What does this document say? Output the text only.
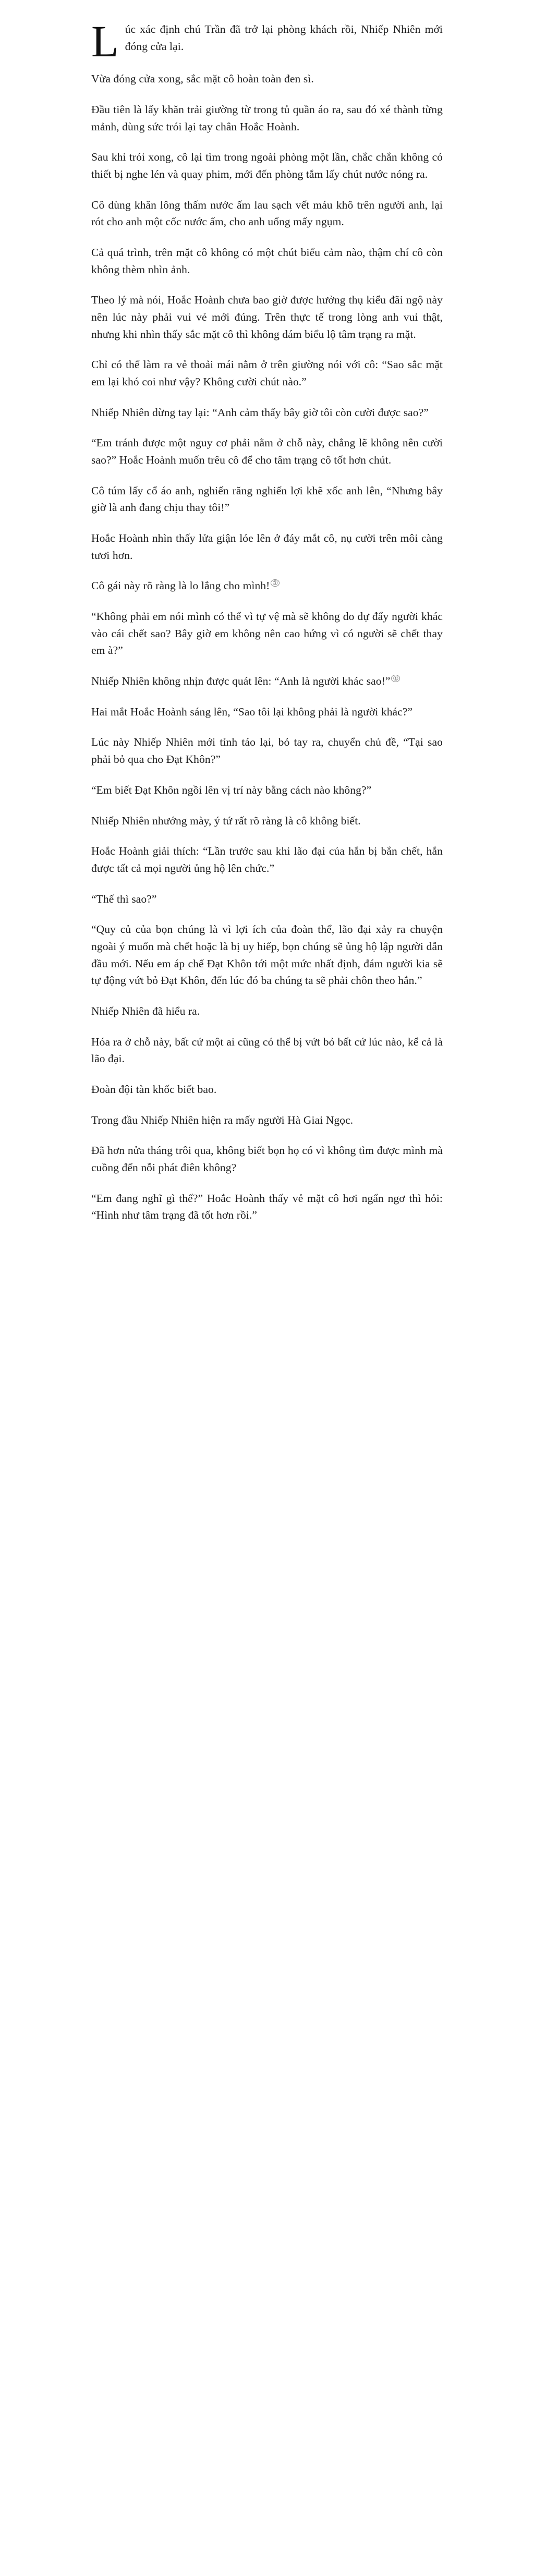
Lúc xác định chú Trần đã trở lại phòng khách rồi, Nhiếp Nhiên mới đóng cửa lại.

Vừa đóng cửa xong, sắc mặt cô hoàn toàn đen sì.

Đầu tiên là lấy khăn trải giường từ trong tủ quần áo ra, sau đó xé thành từng mảnh, dùng sức trói lại tay chân Hoắc Hoành.

Sau khi trói xong, cô lại tìm trong ngoài phòng một lần, chắc chắn không có thiết bị nghe lén và quay phim, mới đến phòng tắm lấy chút nước nóng ra.

Cô dùng khăn lông thấm nước ấm lau sạch vết máu khô trên người anh, lại rót cho anh một cốc nước ấm, cho anh uống mấy ngụm.

Cả quá trình, trên mặt cô không có một chút biểu cảm nào, thậm chí cô còn không thèm nhìn ảnh.

Theo lý mà nói, Hoắc Hoành chưa bao giờ được hưởng thụ kiểu đãi ngộ này nên lúc này phải vui vẻ mới đúng. Trên thực tế trong lòng anh vui thật, nhưng khi nhìn thấy sắc mặt cô thì không dám biểu lộ tâm trạng ra mặt.

Chỉ có thể làm ra vẻ thoải mái nằm ở trên giường nói với cô: “Sao sắc mặt em lại khó coi như vậy? Không cười chút nào.”

Nhiếp Nhiên dừng tay lại: “Anh cảm thấy bây giờ tôi còn cười được sao?”

“Em tránh được một nguy cơ phải nằm ở chỗ này, chẳng lẽ không nên cười sao?” Hoắc Hoành muốn trêu cô để cho tâm trạng cô tốt hơn chút.

Cô túm lấy cổ áo anh, nghiến răng nghiến lợi khẽ xốc anh lên, “Nhưng bây giờ là anh đang chịu thay tôi!”

Hoắc Hoành nhìn thấy lửa giận lóe lên ở đáy mắt cô, nụ cười trên môi càng tươi hơn.

Cô gái này rõ ràng là lo lắng cho mình! ①

“Không phải em nói mình có thể vì tự vệ mà sẽ không do dự đẩy người khác vào cái chết sao? Bây giờ em không nên cao hứng vì có người sẽ chết thay em à?”

Nhiếp Nhiên không nhịn được quát lên: “Anh là người khác sao!” ①

Hai mắt Hoắc Hoành sáng lên, “Sao tôi lại không phải là người khác?”

Lúc này Nhiếp Nhiên mới tỉnh táo lại, bỏ tay ra, chuyển chủ đề, “Tại sao phải bỏ qua cho Đạt Khôn?”

“Em biết Đạt Khôn ngồi lên vị trí này bằng cách nào không?”

Nhiếp Nhiên nhướng mày, ý tứ rất rõ ràng là cô không biết.

Hoắc Hoành giải thích: “Lần trước sau khi lão đại của hắn bị bắn chết, hắn được tất cả mọi người ủng hộ lên chức.”

“Thế thì sao?”

“Quy củ của bọn chúng là vì lợi ích của đoàn thể, lão đại xảy ra chuyện ngoài ý muốn mà chết hoặc là bị uy hiếp, bọn chúng sẽ ủng hộ lập người dẫn đầu mới. Nếu em áp chế Đạt Khôn tới một mức nhất định, đám người kia sẽ tự động vứt bỏ Đạt Khôn, đến lúc đó ba chúng ta sẽ phải chôn theo hắn.”

Nhiếp Nhiên đã hiểu ra.

Hóa ra ở chỗ này, bất cứ một ai cũng có thể bị vứt bỏ bất cứ lúc nào, kể cả là lão đại.

Đoàn đội tàn khốc biết bao.

Trong đầu Nhiếp Nhiên hiện ra mấy người Hà Giai Ngọc.

Đã hơn nửa tháng trôi qua, không biết bọn họ có vì không tìm được mình mà cuồng đến nỗi phát điên không?

“Em đang nghĩ gì thế?” Hoắc Hoành thấy vẻ mặt cô hơi ngẩn ngơ thì hỏi: “Hình như tâm trạng đã tốt hơn rồi.”
